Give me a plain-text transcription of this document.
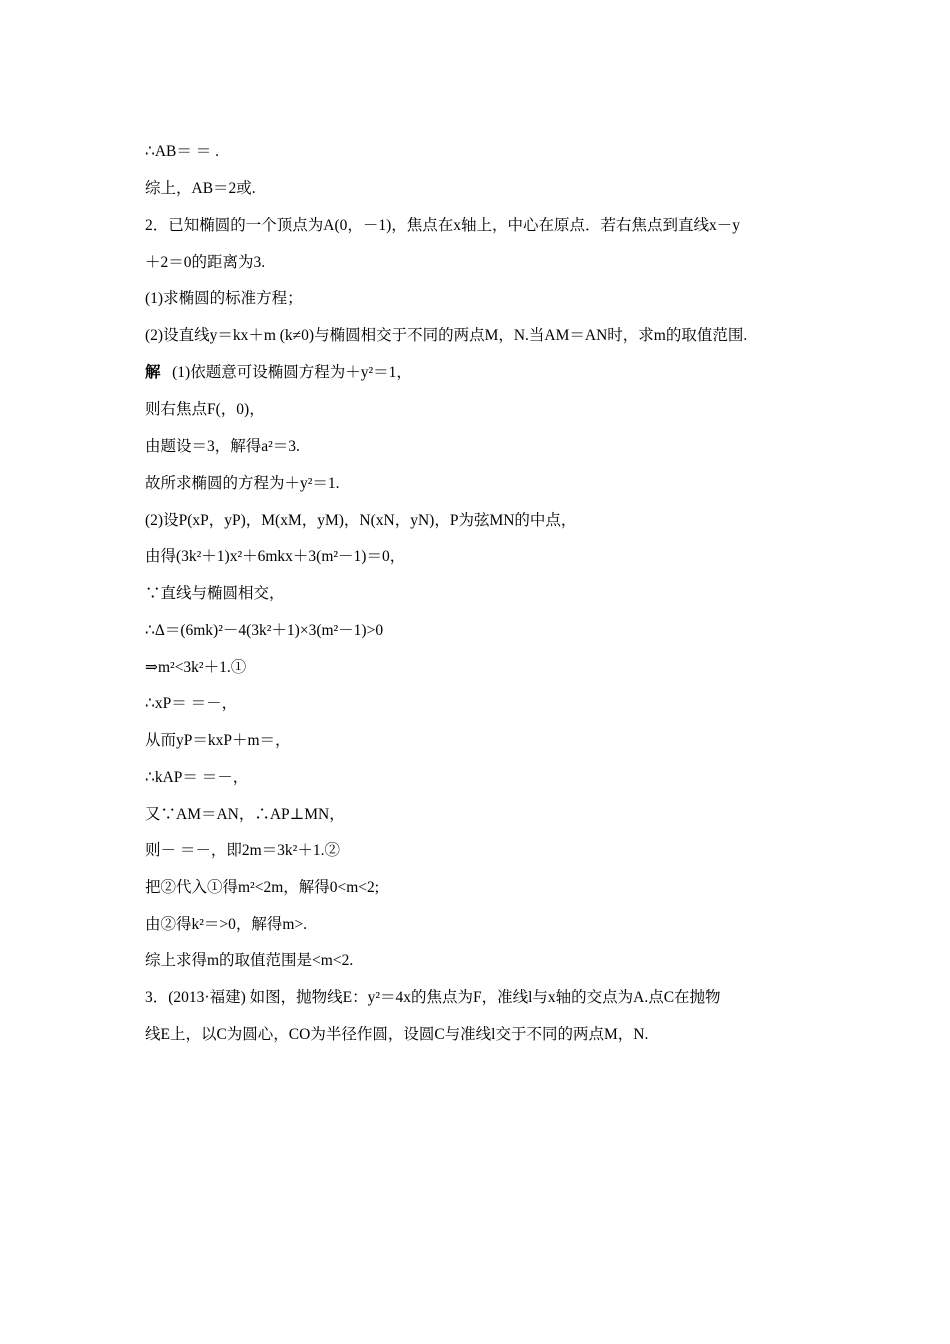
∴AB＝ ＝ .
综上，AB＝2或.
2．已知椭圆的一个顶点为A(0，－1)，焦点在x轴上，中心在原点．若右焦点到直线x－y
＋2＝0的距离为3.
(1)求椭圆的标准方程；
(2)设直线y＝kx＋m (k≠0)与椭圆相交于不同的两点M，N.当AM＝AN时，求m的取值范围.
解 (1)依题意可设椭圆方程为＋y²＝1，
则右焦点F(，0)，
由题设＝3，解得a²＝3.
故所求椭圆的方程为＋y²＝1.
(2)设P(xP，yP)，M(xM，yM)，N(xN，yN)，P为弦MN的中点，
由得(3k²＋1)x²＋6mkx＋3(m²－1)＝0，
∵直线与椭圆相交，
∴Δ＝(6mk)²－4(3k²＋1)×3(m²－1)>0
⇒m²<3k²＋1.①
∴xP＝ ＝－，
从而yP＝kxP＋m＝，
∴kAP＝ ＝－，
又∵AM＝AN，∴AP⊥MN，
则－ ＝－，即2m＝3k²＋1.②
把②代入①得m²<2m，解得0<m<2;
由②得k²＝>0，解得m>.
综上求得m的取值范围是<m<2.
3．(2013·福建) 如图，抛物线E：y²＝4x的焦点为F，准线l与x轴的交点为A.点C在抛物
线E上，以C为圆心，CO为半径作圆，设圆C与准线l交于不同的两点M，N.
